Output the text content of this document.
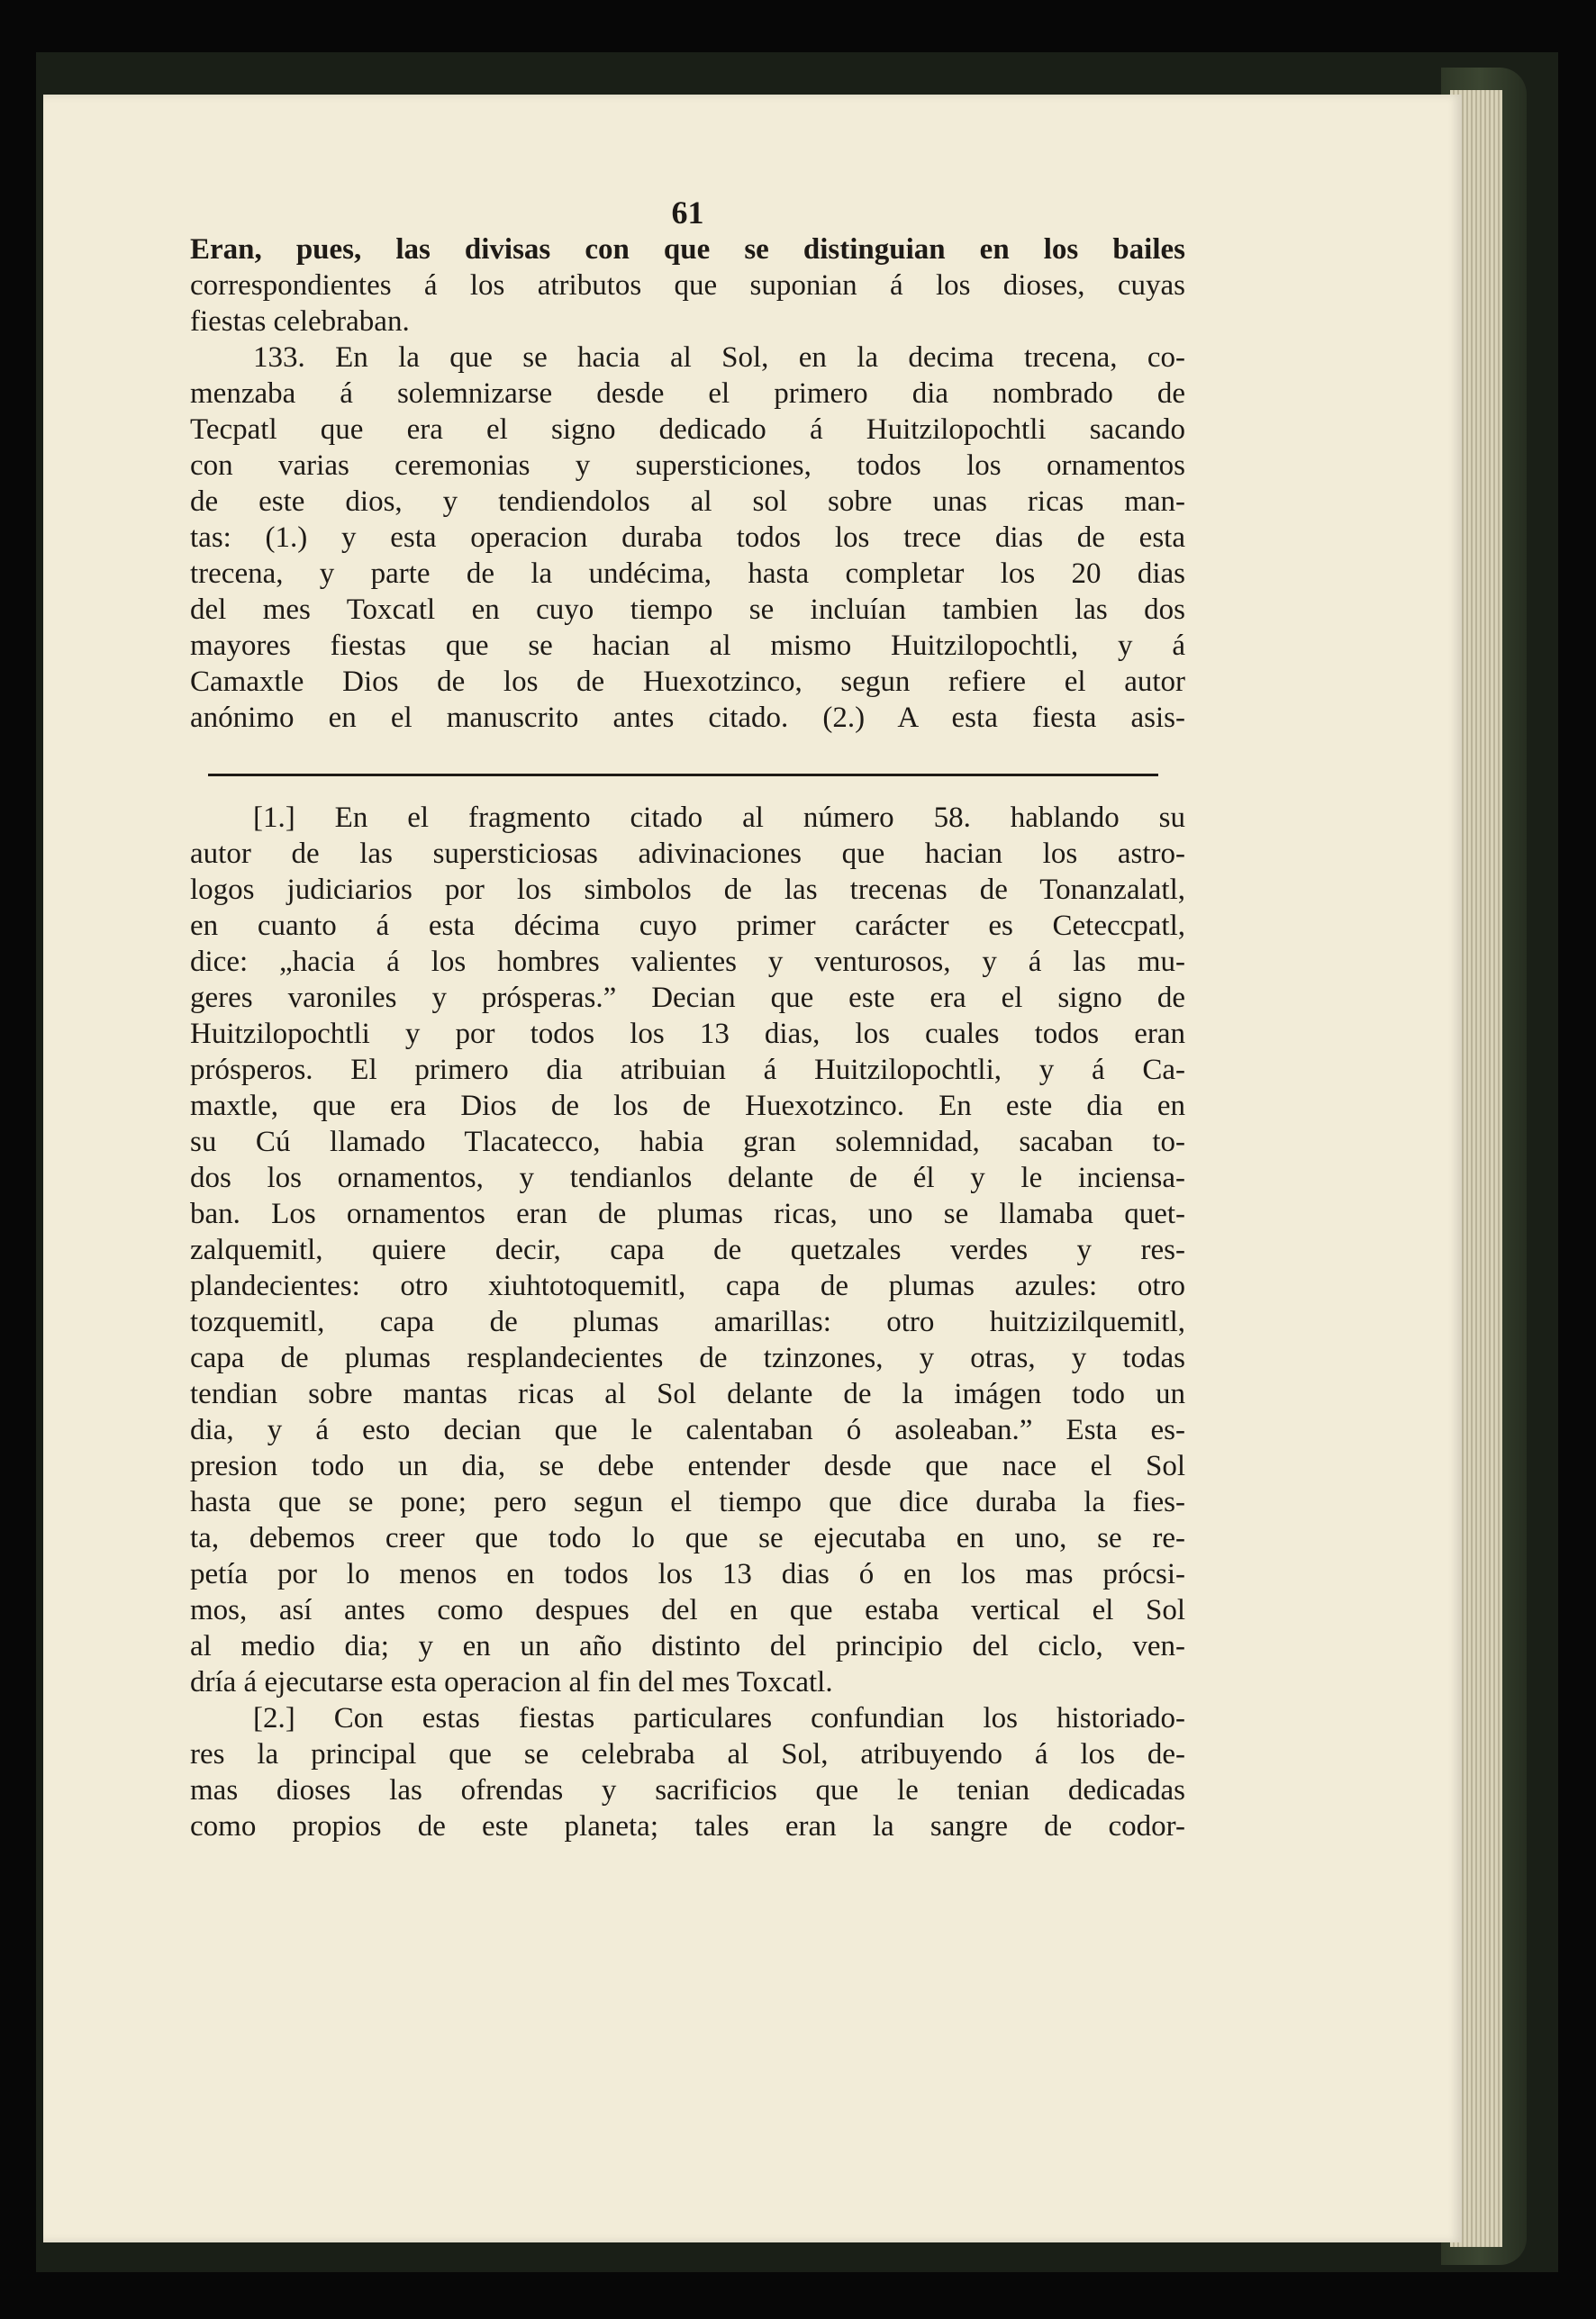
61
Eran, pues, las divisas con que se distinguian en los bailes
correspondientes á los atributos que suponian á los dioses, cuyas
fiestas celebraban.
133. En la que se hacia al Sol, en la decima trecena, co-
menzaba á solemnizarse desde el primero dia nombrado de
Tecpatl que era el signo dedicado á Huitzilopochtli sacando
con varias ceremonias y supersticiones, todos los ornamentos
de este dios, y tendiendolos al sol sobre unas ricas man-
tas: (1.) y esta operacion duraba todos los trece dias de esta
trecena, y parte de la undécima, hasta completar los 20 dias
del mes Toxcatl en cuyo tiempo se incluían tambien las dos
mayores fiestas que se hacian al mismo Huitzilopochtli, y á
Camaxtle Dios de los de Huexotzinco, segun refiere el autor
anónimo en el manuscrito antes citado. (2.) A esta fiesta asis-
[1.] En el fragmento citado al número 58. hablando su
autor de las supersticiosas adivinaciones que hacian los astro-
logos judiciarios por los simbolos de las trecenas de Tonanzalatl,
en cuanto á esta décima cuyo primer carácter es Ceteccpatl,
dice: „hacia á los hombres valientes y venturosos, y á las mu-
geres varoniles y prósperas.” Decian que este era el signo de
Huitzilopochtli y por todos los 13 dias, los cuales todos eran
prósperos. El primero dia atribuian á Huitzilopochtli, y á Ca-
maxtle, que era Dios de los de Huexotzinco. En este dia en
su Cú llamado Tlacatecco, habia gran solemnidad, sacaban to-
dos los ornamentos, y tendianlos delante de él y le inciensa-
ban. Los ornamentos eran de plumas ricas, uno se llamaba quet-
zalquemitl, quiere decir, capa de quetzales verdes y res-
plandecientes: otro xiuhtotoquemitl, capa de plumas azules: otro
tozquemitl, capa de plumas amarillas: otro huitzizilquemitl,
capa de plumas resplandecientes de tzinzones, y otras, y todas
tendian sobre mantas ricas al Sol delante de la imágen todo un
dia, y á esto decian que le calentaban ó asoleaban.” Esta es-
presion todo un dia, se debe entender desde que nace el Sol
hasta que se pone; pero segun el tiempo que dice duraba la fies-
ta, debemos creer que todo lo que se ejecutaba en uno, se re-
petía por lo menos en todos los 13 dias ó en los mas prócsi-
mos, así antes como despues del en que estaba vertical el Sol
al medio dia; y en un año distinto del principio del ciclo, ven-
dría á ejecutarse esta operacion al fin del mes Toxcatl.
[2.] Con estas fiestas particulares confundian los historiado-
res la principal que se celebraba al Sol, atribuyendo á los de-
mas dioses las ofrendas y sacrificios que le tenian dedicadas
como propios de este planeta; tales eran la sangre de codor-
